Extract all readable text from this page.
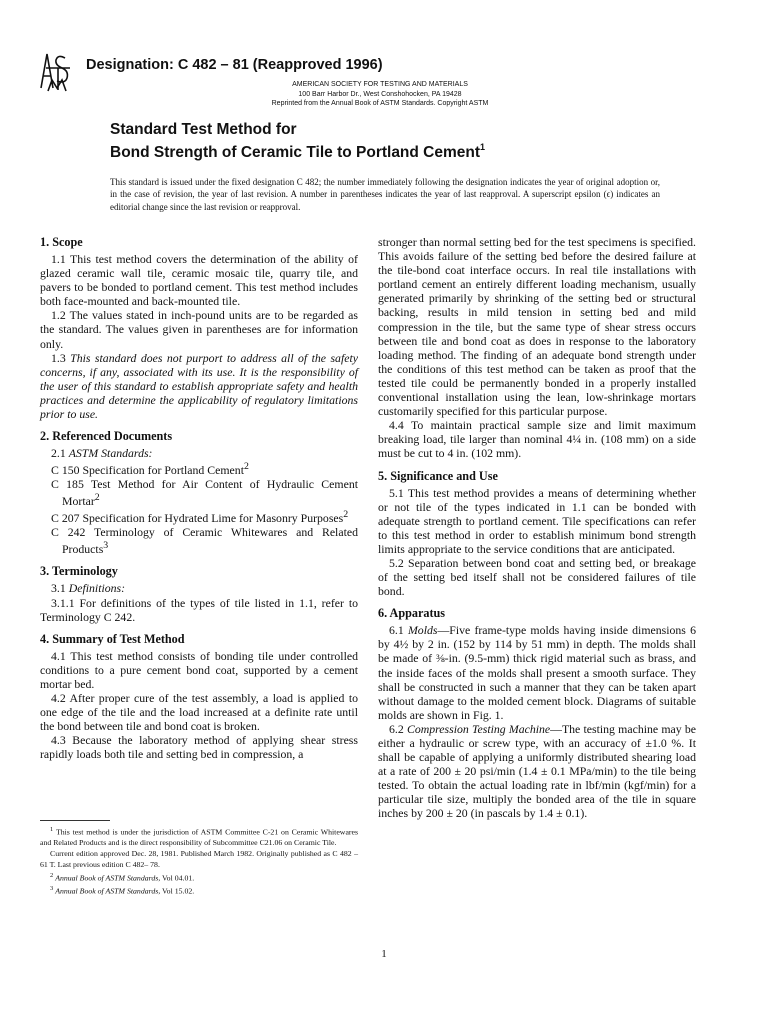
Designation: C 482 – 81 (Reapproved 1996)
AMERICAN SOCIETY FOR TESTING AND MATERIALS
100 Barr Harbor Dr., West Conshohocken, PA 19428
Reprinted from the Annual Book of ASTM Standards. Copyright ASTM
Standard Test Method for
Bond Strength of Ceramic Tile to Portland Cement$^1$
This standard is issued under the fixed designation C 482; the number immediately following the designation indicates the year of original adoption or, in the case of revision, the year of last revision. A number in parentheses indicates the year of last reapproval. A superscript epsilon (ϵ) indicates an editorial change since the last revision or reapproval.
1. Scope

1.1 This test method covers the determination of the ability of glazed ceramic wall tile, ceramic mosaic tile, quarry tile, and pavers to be bonded to portland cement. This test method includes both face-mounted and back-mounted tile.

1.2 The values stated in inch-pound units are to be regarded as the standard. The values given in parentheses are for information only.

1.3 This standard does not purport to address all of the safety concerns, if any, associated with its use. It is the responsibility of the user of this standard to establish appropriate safety and health practices and determine the applicability of regulatory limitations prior to use.

2. Referenced Documents

2.1 ASTM Standards:

C 150 Specification for Portland Cement$^2$

C 185 Test Method for Air Content of Hydraulic Cement Mortar$^2$

C 207 Specification for Hydrated Lime for Masonry Purposes$^2$

C 242 Terminology of Ceramic Whitewares and Related Products$^3$

3. Terminology

3.1 Definitions:

3.1.1 For definitions of the types of tile listed in 1.1, refer to Terminology C 242.

4. Summary of Test Method

4.1 This test method consists of bonding tile under controlled conditions to a pure cement bond coat, supported by a cement mortar bed.

4.2 After proper cure of the test assembly, a load is applied to one edge of the tile and the load increased at a definite rate until the bond between tile and bond coat is broken.

4.3 Because the laboratory method of applying shear stress rapidly loads both tile and setting bed in compression, a

$^1$ This test method is under the jurisdiction of ASTM Committee C-21 on Ceramic Whitewares and Related Products and is the direct responsibility of Subcommittee C21.06 on Ceramic Tile.

Current edition approved Dec. 28, 1981. Published March 1982. Originally published as C 482 – 61 T. Last previous edition C 482– 78.

$^2$ Annual Book of ASTM Standards, Vol 04.01.

$^3$ Annual Book of ASTM Standards, Vol 15.02.

stronger than normal setting bed for the test specimens is specified. This avoids failure of the setting bed before the desired failure at the tile-bond coat interface occurs. In real tile installations with portland cement an entirely different loading mechanism, usually generated primarily by shrinking of the setting bed or structural backing, results in mild tension in setting bed and mild compression in the tile, but the same type of shear stress occurs between tile and bond coat as does in response to the laboratory loading method. The finding of an adequate bond strength under the conditions of this test method can be taken as proof that the tested tile could be permanently bonded in a properly installed conventional installation using the lean, low-shrinkage mortars customarily specified for this particular purpose.

4.4 To maintain practical sample size and limit maximum breaking load, tile larger than nominal 4¼ in. (108 mm) on a side must be cut to 4 in. (102 mm).

5. Significance and Use

5.1 This test method provides a means of determining whether or not tile of the types indicated in 1.1 can be bonded with adequate strength to portland cement. Tile specifications can refer to this test method in order to establish minimum bond strength limits appropriate to the service conditions that are anticipated.

5.2 Separation between bond coat and setting bed, or breakage of the setting bed itself shall not be considered failures of tile bond.

6. Apparatus

6.1 Molds—Five frame-type molds having inside dimensions 6 by 4½ by 2 in. (152 by 114 by 51 mm) in depth. The molds shall be made of ⅜-in. (9.5-mm) thick rigid material such as brass, and the inside faces of the molds shall present a smooth surface. They shall be constructed in such a manner that they can be taken apart without damage to the molded cement block. Diagrams of suitable molds are shown in Fig. 1.

6.2 Compression Testing Machine—The testing machine may be either a hydraulic or screw type, with an accuracy of ±1.0 %. It shall be capable of applying a uniformly distributed shearing load at a rate of 200 ± 20 psi/min (1.4 ± 0.1 MPa/min) to the tile being tested. To obtain the actual loading rate in lbf/min (kgf/min) for a particular tile size, multiply the bonded area of the tile in square inches by 200 ± 20 (in pascals by 1.4 ± 0.1).

1
